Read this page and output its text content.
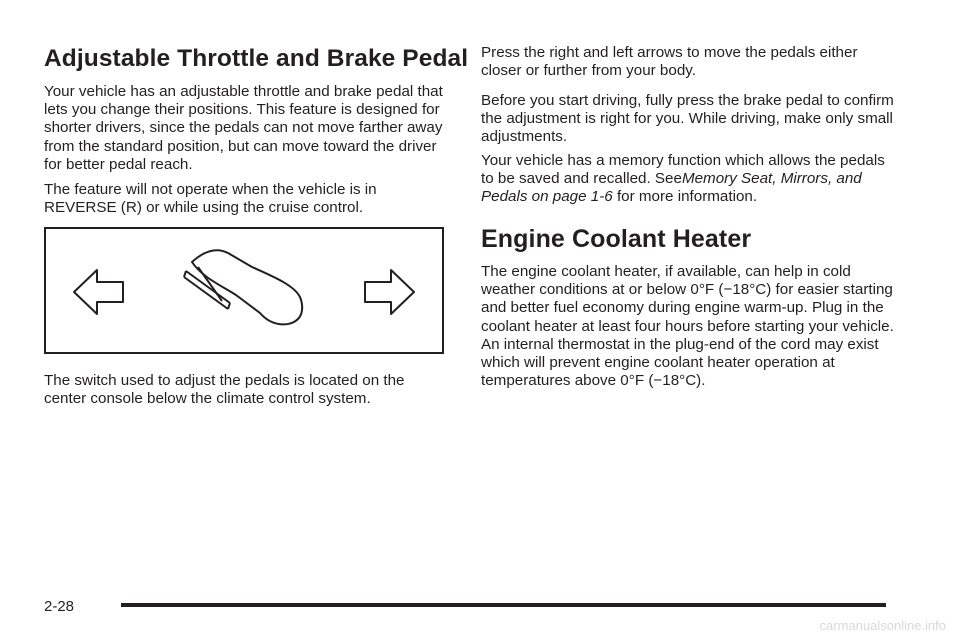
Adjustable Throttle and Brake Pedal

Your vehicle has an adjustable throttle and brake pedal that lets you change their positions. This feature is designed for shorter drivers, since the pedals can not move farther away from the standard position, but can move toward the driver for better pedal reach.

The feature will not operate when the vehicle is in REVERSE (R) or while using the cruise control.

The switch used to adjust the pedals is located on the center console below the climate control system.

Press the right and left arrows to move the pedals either closer or further from your body.

Before you start driving, fully press the brake pedal to confirm the adjustment is right for you. While driving, make only small adjustments.

Your vehicle has a memory function which allows the pedals to be saved and recalled. SeeMemory Seat, Mirrors, and Pedals on page 1-6 for more information.

Engine Coolant Heater

The engine coolant heater, if available, can help in cold weather conditions at or below 0°F (−18°C) for easier starting and better fuel economy during engine warm-up. Plug in the coolant heater at least four hours before starting your vehicle. An internal thermostat in the plug-end of the cord may exist which will prevent engine coolant heater operation at temperatures above 0°F (−18°C).

2-28
carmanualsonline.info
